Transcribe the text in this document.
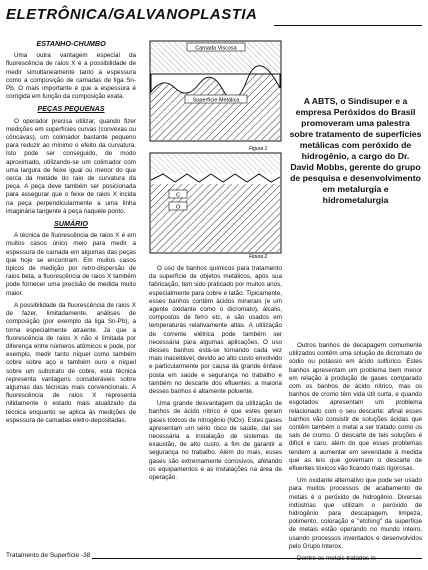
ELETRÔNICA/GALVANOPLASTIA
ESTANHO-CHUMBO

Uma outra vantagem especial da fluorescência de raios X é a possibilidade de medir simultaneamente tanto a espessura como a composição de camadas de liga Sn-Pb. O mais importante é que a espessura é corrigida em função da composição exata.

PEÇAS PEQUENAS

O operador precisa utilizar, quando fizer medições em superfícies curvas (convexas ou côncavas), um colimador bastante pequeno para reduzir ao mínimo o efeito da curvatura. Isto pode ser conseguido, de modo aproximado, utilizando-se um colimador com uma largura de feixe igual ou menor do que cerca da metade do raio de curvatura da peça. A peça deve também ser posicionada para assegurar que o feixe de raios X incida na peça perpendicularmente a uma linha imaginária tangente à peça naquele ponto.

SUMÁRIO

A técnica de fluorescência de raios X é em muitos casos único meio para medir a espessura de camada em algumas das peças que hoje se encontram. Em muitos casos típicos de medição por retro-dispersão de raios beta, a fluorescência de raios X também pode fornecer uma precisão de medida muito maior.

A possibilidade da fluorescência de raios X de fazer, limitadamente, análises de composição (por exemplo da liga Sn-Pb), a torna especialmente atraente. Já que a fluorescência de raios X não é limitada por diferença entre números atômicos e pode, por exemplo, medir tanto níquel como também cobre sobre aço e também ouro e níquel sobre um substrato de cobre, esta técnica representa vantagens consideráveis sobre algumas das técnicas mais convencionais. A fluorescência de raios X representa nitidamente o estado mais atualizado da técnica enquanto se aplica às medições de espessura de camadas eletro-depositadas.

Camada Viscosa
Superfície Metálica
Figura 1
C
O
Figura 2
A ABTS, o Sindisuper e a empresa Peróxidos do Brasil promoveram uma palestra sobre tratamento de superfícies metálicas com peróxido de hidrogênio, a cargo do Dr. David Mobbs, gerente do grupo de pesquisa e desenvolvimento em metalurgia e hidrometalurgia

O uso de banhos químicos para tratamento da superfície de objetos metálicos, após sua fabricação, tem sido praticado por muitos anos, especialmente para cobre e latão. Tipicamente, esses banhos contêm ácidos minerais (e um agente oxidante como o dicromato), álcalis, compostos de ferro etc, e são usados em temperaturas relativamente altas. A utilização de corrente elétrica pode também ser necessária para algumas aplicações. O uso desses banhos está-se tornando cada vez mais inaceitável, devido ao alto custo envolvido e particularmente por causa da grande ênfase posta em saúde e segurança no trabalho e também no descarte dos efluentes: a maioria desses banhos é altamente poluente.

Uma grande desvantagem da utilização de banhos de ácido nítrico é que estes geram gases tóxicos de nitrogênio (NOx). Estes gases apresentam um sério risco de saúde, daí ser necessária a instalação de sistemas de exaustão, de alto custo, a fim de garantir a segurança no trabalho. Além do mais, esses gases são extremamente corrosivos, afetando os equipamentos e as instalações na área de operação.

Outros banhos de decapagem comumente utilizados contêm uma solução de dicromato de sódio ou potássio em ácido sulfúrico. Estes banhos apresentam um problema bem menor em relação à produção de gases comparado com os banhos de ácido nítrico, mas os banhos de cromo têm vida útil curta, e quando esgotados apresentam um problema relacionado com o seu descarte: afinal esses banhos vão consistir de soluções ácidas que contêm também o metal a ser tratado como os sais de cromo. O descarte de tais soluções é difícil e caro, além do que esses problemas tendem a aumentar em severidade à medida que as leis que governam o descarte de efluentes tóxicos vão ficando mais rigorosas.

Um oxidante alternativo que pode ser usado para muitos processos de acabamento de metais é o peróxido de hidrogênio. Diversas indústrias que utilizam o peróxido de hidrogênio para descapagem, limpeza, polimento, coloração e "etching" da superfície de metais estão operando no mundo inteiro, usando processos inventados e desenvolvidos pelo Grupo Interox.

Dentre os metais tratados in-

Tratamento de Superfície -38
